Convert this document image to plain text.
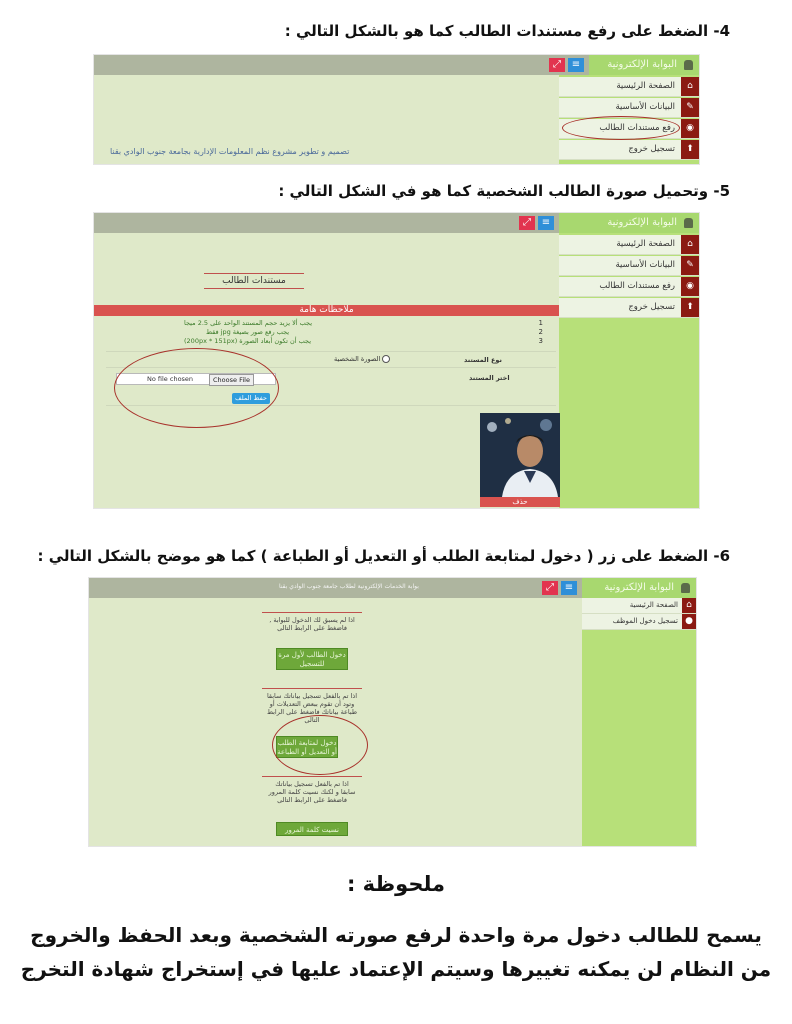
4- الضغط على رفع مستندات الطالب كما هو بالشكل التالي :
البوابة الإلكترونية
≡
⤢
⌂
الصفحة الرئيسية
✎
البيانات الأساسية
◉
رفع مستندات الطالب
⬆
تسجيل خروج
تصميم و تطوير مشروع نظم المعلومات الإدارية بجامعة جنوب الوادي بقنا
5- وتحميل صورة الطالب الشخصية كما هو في الشكل التالي :
البوابة الإلكترونية
≡
⤢
⌂
الصفحة الرئيسية
✎
البيانات الأساسية
◉
رفع مستندات الطالب
⬆
تسجيل خروج
مستندات الطالب
ملاحظات هامة
1
يجب ألا يزيد حجم المستند الواحد على 2.5 ميجا
2
يجب رفع صور بصيغة jpg فقط
3
يجب أن تكون أبعاد الصورة (200px * 151px)
نوع المستند
الصورة الشخصية
اختر المستند
No file chosen	Choose File
حفظ الملف
حذف
6- الضغط على زر ( دخول لمتابعة الطلب أو التعديل أو الطباعة ) كما هو موضح بالشكل التالي :
بوابة الخدمات الإلكترونية لطلاب جامعة جنوب الوادي بقنا	البوابة الإلكترونية
≡
⤢
⌂
الصفحة الرئيسية
●
تسجيل دخول الموظف
اذا لم يسبق لك الدخول للبوابة , فاضغط على الرابط التالى
دخول الطالب لأول مرة للتسجيل
اذا تم بالفعل تسجيل بياناتك سابقا وتود أن تقوم ببعض التعديلات أو طباعة بياناتك فاضغط على الرابط التالى
دخول لمتابعة الطلب أو التعديل أو الطباعة
اذا تم بالفعل تسجيل بياناتك سابقا و لكنك نسيت كلمة المرور فاضغط على الرابط التالى
نسيت كلمة المرور
ملحوظة :
يسمح للطالب دخول مرة واحدة لرفع صورته الشخصية وبعد الحفظ والخروج
من النظام لن يمكنه تغييرها وسيتم الإعتماد عليها في إستخراج شهادة التخرج
